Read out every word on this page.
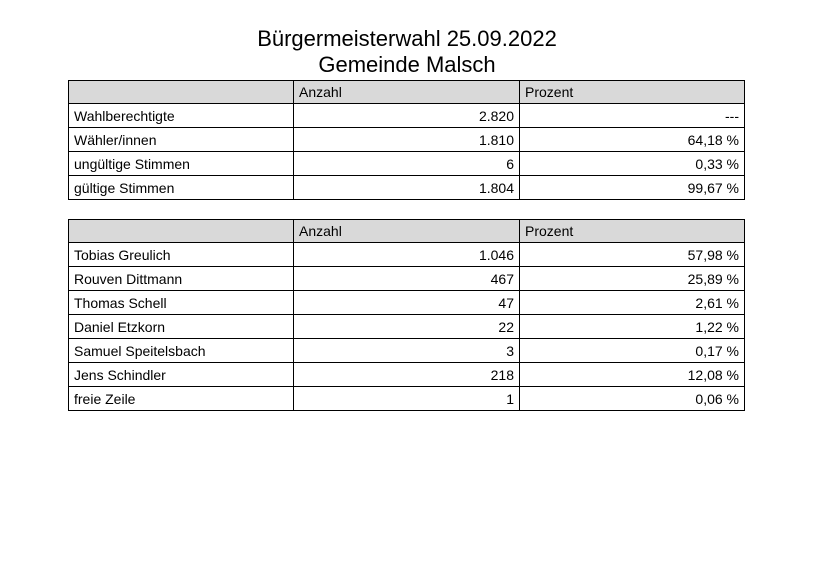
Bürgermeisterwahl 25.09.2022
Gemeinde Malsch
	Anzahl	Prozent
Wahlberechtigte	2.820	---
Wähler/innen	1.810	64,18 %
ungültige Stimmen	6	0,33 %
gültige Stimmen	1.804	99,67 %
	Anzahl	Prozent
Tobias Greulich	1.046	57,98 %
Rouven Dittmann	467	25,89 %
Thomas Schell	47	2,61 %
Daniel Etzkorn	22	1,22 %
Samuel Speitelsbach	3	0,17 %
Jens Schindler	218	12,08 %
freie Zeile	1	0,06 %
